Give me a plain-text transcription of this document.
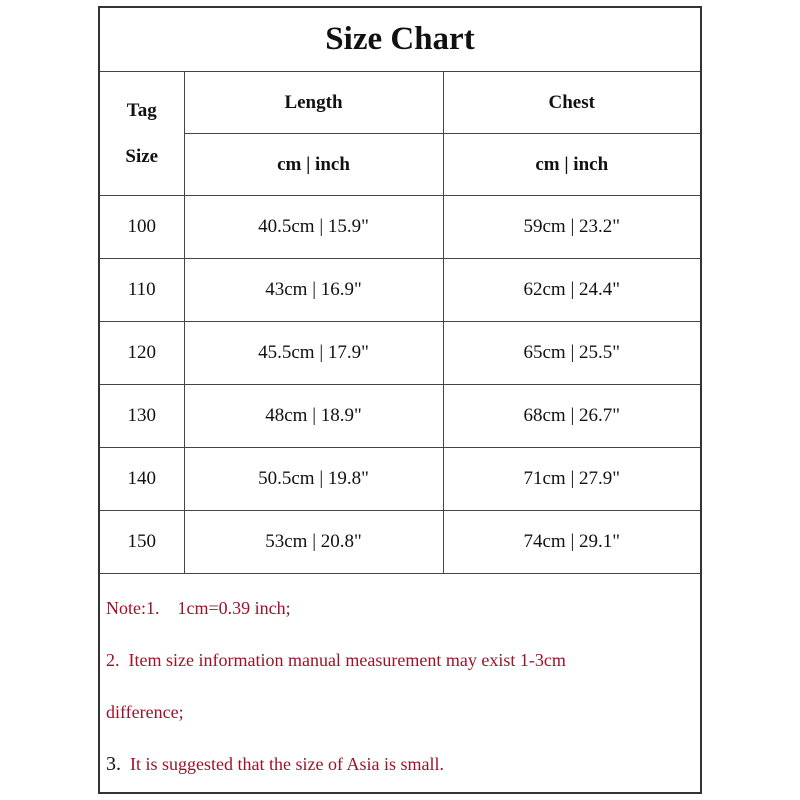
Size Chart		

Tag
Size	Length	Chest
	cm | inch	cm | inch
100	40.5cm | 15.9"	59cm | 23.2"
110	43cm | 16.9"	62cm | 24.4"
120	45.5cm | 17.9"	65cm | 25.5"
130	48cm | 18.9"	68cm | 26.7"
140	50.5cm | 19.8"	71cm | 27.9"
150	53cm | 20.8"	74cm | 29.1"
Note:1.    1cm=0.39 inch;
2.  Item size information manual measurement may exist 1-3cm
difference;
3. It is suggested that the size of Asia is small.
